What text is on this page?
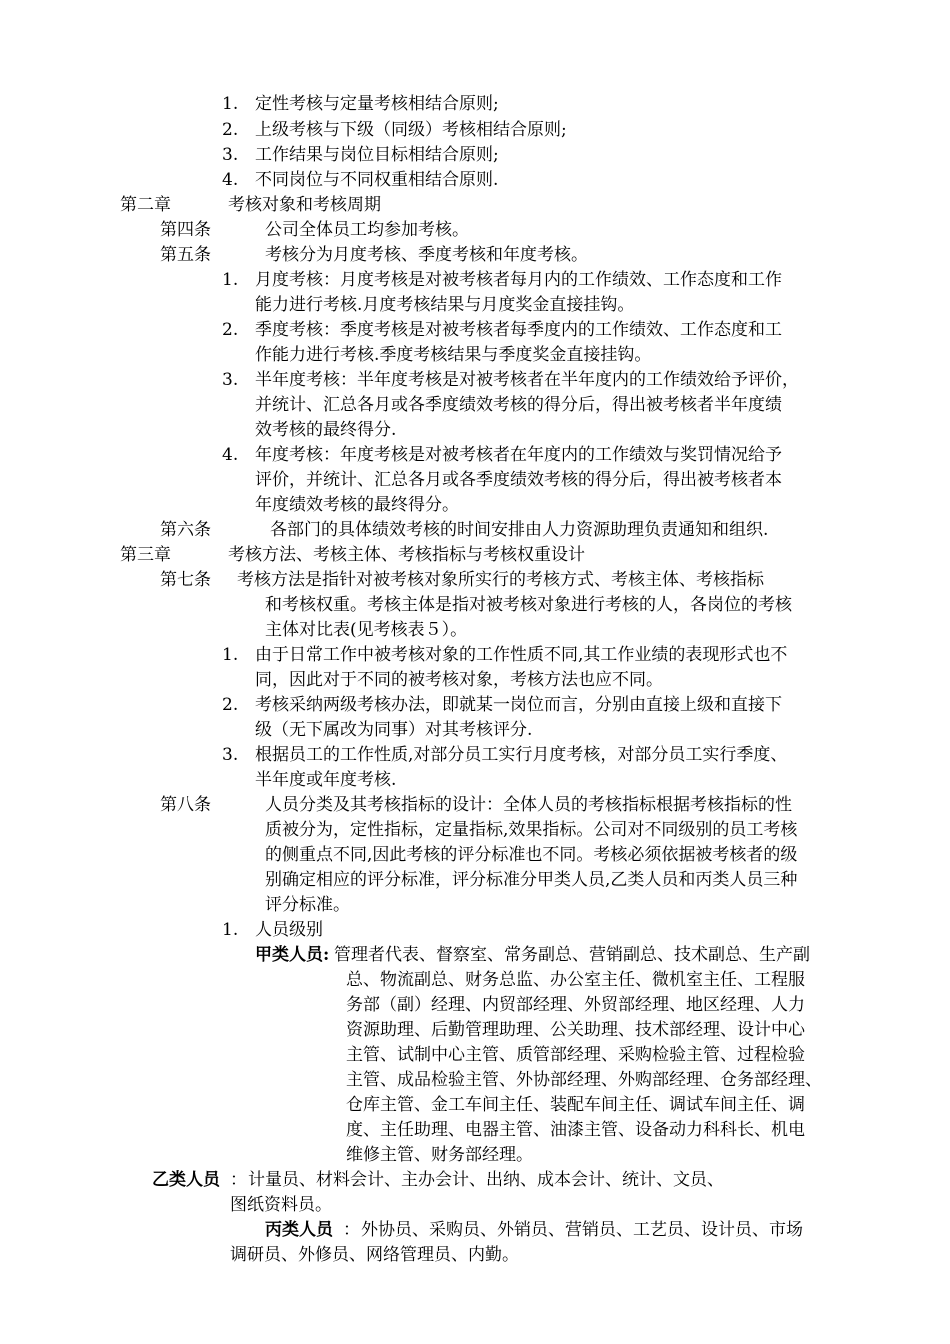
1. 定性考核与定量考核相结合原则;
2. 上级考核与下级（同级）考核相结合原则;
3. 工作结果与岗位目标相结合原则;
4. 不同岗位与不同权重相结合原则.
第二章	考核对象和考核周期
第四条	公司全体员工均参加考核。
第五条	考核分为月度考核、季度考核和年度考核。
1. 月度考核：月度考核是对被考核者每月内的工作绩效、工作态度和工作
能力进行考核.月度考核结果与月度奖金直接挂钩。
2. 季度考核：季度考核是对被考核者每季度内的工作绩效、工作态度和工
作能力进行考核.季度考核结果与季度奖金直接挂钩。
3. 半年度考核：半年度考核是对被考核者在半年度内的工作绩效给予评价，
并统计、汇总各月或各季度绩效考核的得分后，得出被考核者半年度绩
效考核的最终得分.
4. 年度考核：年度考核是对被考核者在年度内的工作绩效与奖罚情况给予
评价，并统计、汇总各月或各季度绩效考核的得分后，得出被考核者本
年度绩效考核的最终得分。
第六条	各部门的具体绩效考核的时间安排由人力资源助理负责通知和组织.
第三章	考核方法、考核主体、考核指标与考核权重设计
第七条 考核方法是指针对被考核对象所实行的考核方式、考核主体、考核指标
和考核权重。考核主体是指对被考核对象进行考核的人，各岗位的考核
主体对比表(见考核表５）。
1. 由于日常工作中被考核对象的工作性质不同,其工作业绩的表现形式也不
同，因此对于不同的被考核对象，考核方法也应不同。
2. 考核采纳两级考核办法，即就某一岗位而言，分别由直接上级和直接下
级（无下属改为同事）对其考核评分.
3. 根据员工的工作性质,对部分员工实行月度考核，对部分员工实行季度、
半年度或年度考核.
第八条	人员分类及其考核指标的设计：全体人员的考核指标根据考核指标的性
质被分为，定性指标，定量指标,效果指标。公司对不同级别的员工考核
的侧重点不同,因此考核的评分标准也不同。考核必须依据被考核者的级
别确定相应的评分标准，评分标准分甲类人员,乙类人员和丙类人员三种
评分标准。
1. 人员级别
甲类人员: 管理者代表、督察室、常务副总、营销副总、技术副总、生产副
总、物流副总、财务总监、办公室主任、微机室主任、工程服
务部（副）经理、内贸部经理、外贸部经理、地区经理、人力
资源助理、后勤管理助理、公关助理、技术部经理、设计中心
主管、试制中心主管、质管部经理、采购检验主管、过程检验
主管、成品检验主管、外协部经理、外购部经理、仓务部经理、
仓库主管、金工车间主任、装配车间主任、调试车间主任、调
度、主任助理、电器主管、油漆主管、设备动力科科长、机电
维修主管、财务部经理。
乙类人员 ： 计量员、材料会计、主办会计、出纳、成本会计、统计、文员、
图纸资料员。
丙类人员 ： 外协员、采购员、外销员、营销员、工艺员、设计员、市场
调研员、外修员、网络管理员、内勤。
